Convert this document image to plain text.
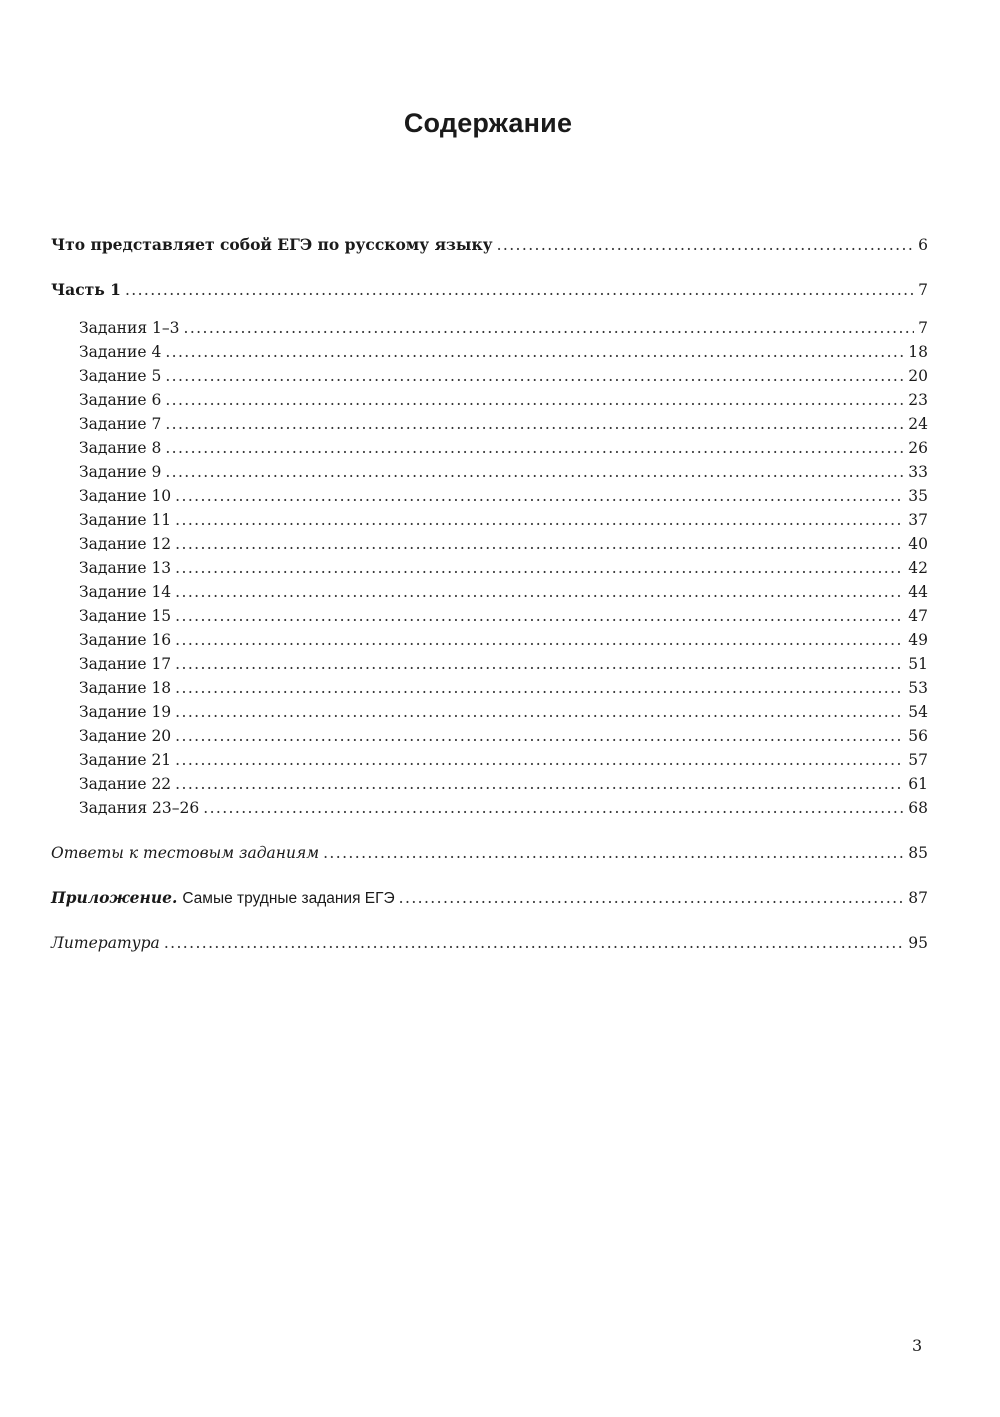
Содержание
Что представляет собой ЕГЭ по русскому языку .....	6
Часть 1 .....	7
Задания 1–3 .....	7
Задание 4 .....	18
Задание 5 .....	20
Задание 6 .....	23
Задание 7 .....	24
Задание 8 .....	26
Задание 9 .....	33
Задание 10 .....	35
Задание 11 .....	37
Задание 12 .....	40
Задание 13 .....	42
Задание 14 .....	44
Задание 15 .....	47
Задание 16 .....	49
Задание 17 .....	51
Задание 18 .....	53
Задание 19 .....	54
Задание 20 .....	56
Задание 21 .....	57
Задание 22 .....	61
Задания 23–26 .....	68
Ответы к тестовым заданиям .....	85
Приложение. Самые трудные задания ЕГЭ .....	87
Литература .....	95
3
